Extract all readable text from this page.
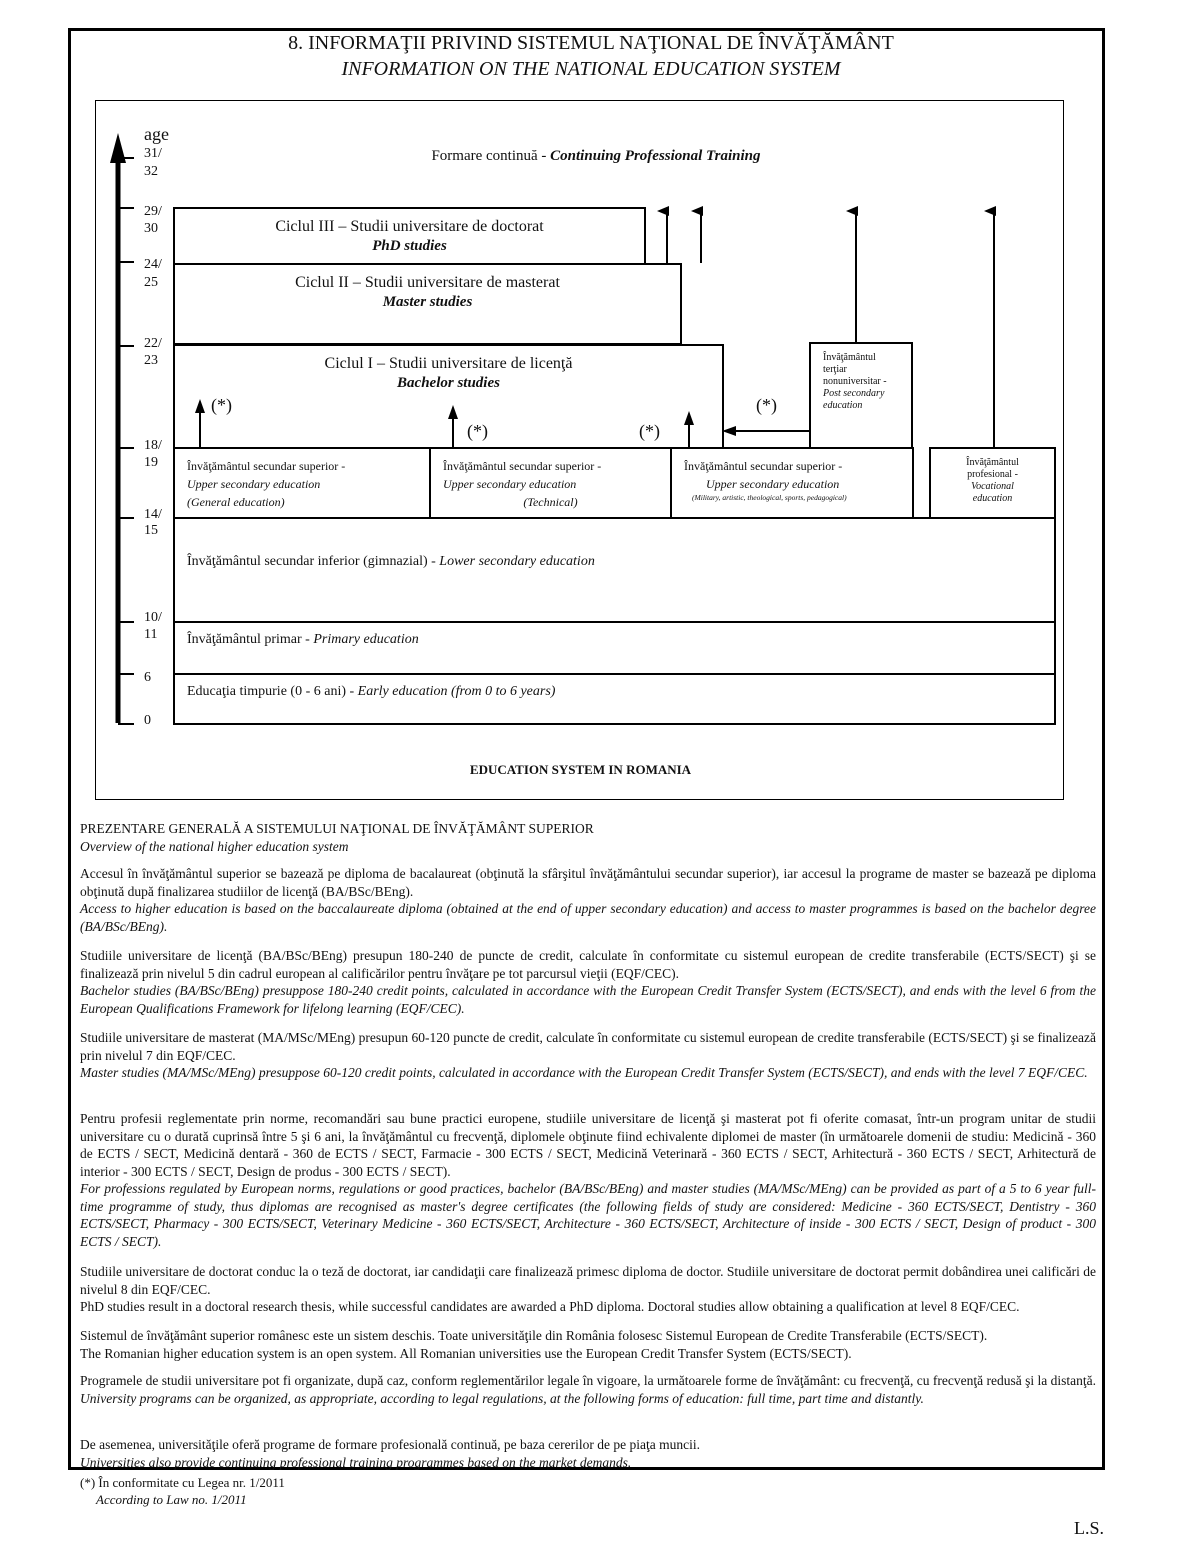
8. INFORMAŢII PRIVIND SISTEMUL NAŢIONAL DE ÎNVĂŢĂMÂNT
INFORMATION ON THE NATIONAL EDUCATION SYSTEM
age
31/
32
29/
30
24/
25
22/
23
18/
19
14/
15
10/
11
6
0
Formare continuă - Continuing Professional Training
Ciclul III – Studii universitare de doctorat
PhD studies
Ciclul II – Studii universitare de masterat
Master studies
Ciclul I – Studii universitare de licenţă
Bachelor studies
(*)
(*)	(*)
(*)
Învăţământul
terţiar
nonuniversitar -
Post secondary
education
Învăţământul secundar superior -
Upper secondary education
(General education)
Învăţământul secundar superior -
Upper secondary education
(Technical)
Învăţământul secundar superior -
Upper secondary education
(Military, artistic, theological, sports, pedagogical)
Învăţământul
profesional -
Vocational
education
Învăţământul secundar inferior (gimnazial) - Lower secondary education
Învăţământul primar - Primary education
Educaţia timpurie (0 - 6 ani) - Early education (from 0 to 6 years)
EDUCATION SYSTEM IN ROMANIA

PREZENTARE GENERALĂ A SISTEMULUI NAŢIONAL DE ÎNVĂŢĂMÂNT SUPERIOR

Overview of the national higher education system

Accesul în învăţământul superior se bazează pe diploma de bacalaureat (obţinută la sfârşitul învăţământului secundar superior), iar accesul la programe de master se bazează pe diploma obţinută după finalizarea studiilor de licenţă (BA/BSc/BEng).

Access to higher education is based on the baccalaureate diploma (obtained at the end of upper secondary education) and access to master programmes is based on the bachelor degree (BA/BSc/BEng).

Studiile universitare de licenţă (BA/BSc/BEng) presupun 180-240 de puncte de credit, calculate în conformitate cu sistemul european de credite transferabile (ECTS/SECT) şi se finalizează prin nivelul 5 din cadrul european al calificărilor pentru învăţare pe tot parcursul vieţii (EQF/CEC).

Bachelor studies (BA/BSc/BEng) presuppose 180-240 credit points, calculated in accordance with the European Credit Transfer System (ECTS/SECT), and ends with the level 6 from the European Qualifications Framework for lifelong learning (EQF/CEC).

Studiile universitare de masterat (MA/MSc/MEng) presupun 60-120 puncte de credit, calculate în conformitate cu sistemul european de credite transferabile (ECTS/SECT) şi se finalizează prin nivelul 7 din EQF/CEC.

Master studies (MA/MSc/MEng) presuppose 60-120 credit points, calculated in accordance with the European Credit Transfer System (ECTS/SECT), and ends with the level 7 EQF/CEC.

Pentru profesii reglementate prin norme, recomandări sau bune practici europene, studiile universitare de licenţă şi masterat pot fi oferite comasat, într-un program unitar de studii universitare cu o durată cuprinsă între 5 şi 6 ani, la învăţământul cu frecvenţă, diplomele obţinute fiind echivalente diplomei de master (în următoarele domenii de studiu: Medicină - 360 de ECTS / SECT, Medicină dentară - 360 de ECTS / SECT, Farmacie - 300 ECTS / SECT, Medicină Veterinară - 360 ECTS / SECT, Arhitectură - 360 ECTS / SECT, Arhitectură de interior - 300 ECTS / SECT, Design de produs - 300 ECTS / SECT).

For professions regulated by European norms, regulations or good practices, bachelor (BA/BSc/BEng) and master studies (MA/MSc/MEng) can be provided as part of a 5 to 6 year full-time programme of study, thus diplomas are recognised as master's degree certificates (the following fields of study are considered: Medicine - 360 ECTS/SECT, Dentistry - 360 ECTS/SECT, Pharmacy - 300 ECTS/SECT, Veterinary Medicine - 360 ECTS/SECT, Architecture - 360 ECTS/SECT, Architecture of inside - 300 ECTS / SECT, Design of product - 300 ECTS / SECT).

Studiile universitare de doctorat conduc la o teză de doctorat, iar candidaţii care finalizează primesc diploma de doctor. Studiile universitare de doctorat permit dobândirea unei calificări de nivelul 8 din EQF/CEC.

PhD studies result in a doctoral research thesis, while successful candidates are awarded a PhD diploma. Doctoral studies allow obtaining a qualification at level 8 EQF/CEC.

Sistemul de învăţământ superior românesc este un sistem deschis. Toate universităţile din România folosesc Sistemul European de Credite Transferabile (ECTS/SECT).

The Romanian higher education system is an open system. All Romanian universities use the European Credit Transfer System (ECTS/SECT).

Programele de studii universitare pot fi organizate, după caz, conform reglementărilor legale în vigoare, la următoarele forme de învăţământ: cu frecvenţă, cu frecvenţă redusă şi la distanţă.

University programs can be organized, as appropriate, according to legal regulations, at the following forms of education: full time, part time and distantly.

De asemenea, universităţile oferă programe de formare profesională continuă, pe baza cererilor de pe piaţa muncii.

Universities also provide continuing professional training programmes based on the market demands.

(*) În conformitate cu Legea nr. 1/2011
According to Law no. 1/2011
L.S.
